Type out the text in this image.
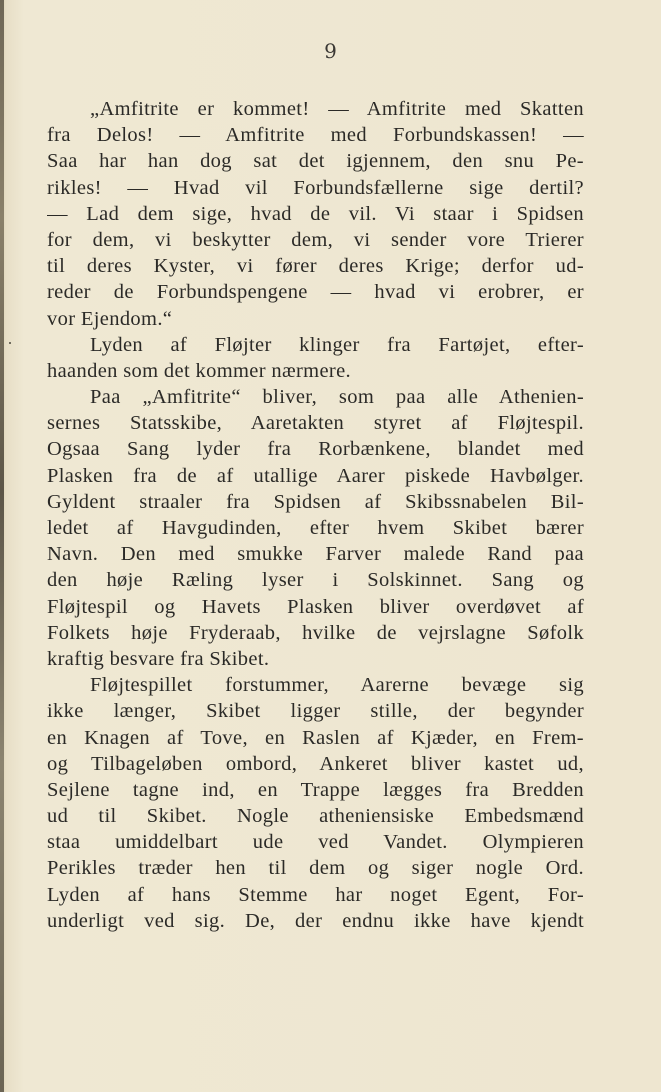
9
„Amfitrite er kommet! — Amfitrite med Skatten
fra Delos! — Amfitrite med Forbundskassen! —
Saa har han dog sat det igjennem, den snu Pe-
rikles! — Hvad vil Forbundsfællerne sige dertil?
— Lad dem sige, hvad de vil. Vi staar i Spidsen
for dem, vi beskytter dem, vi sender vore Trierer
til deres Kyster, vi fører deres Krige; derfor ud-
reder de Forbundspengene — hvad vi erobrer, er
vor Ejendom.“
Lyden af Fløjter klinger fra Fartøjet, efter-
haanden som det kommer nærmere.
Paa „Amfitrite“ bliver, som paa alle Athenien-
sernes Statsskibe, Aaretakten styret af Fløjtespil.
Ogsaa Sang lyder fra Rorbænkene, blandet med
Plasken fra de af utallige Aarer piskede Havbølger.
Gyldent straaler fra Spidsen af Skibssnabelen Bil-
ledet af Havgudinden, efter hvem Skibet bærer
Navn. Den med smukke Farver malede Rand paa
den høje Ræling lyser i Solskinnet. Sang og
Fløjtespil og Havets Plasken bliver overdøvet af
Folkets høje Fryderaab, hvilke de vejrslagne Søfolk
kraftig besvare fra Skibet.
Fløjtespillet forstummer, Aarerne bevæge sig
ikke længer, Skibet ligger stille, der begynder
en Knagen af Tove, en Raslen af Kjæder, en Frem-
og Tilbageløben ombord, Ankeret bliver kastet ud,
Sejlene tagne ind, en Trappe lægges fra Bredden
ud til Skibet. Nogle atheniensiske Embedsmænd
staa umiddelbart ude ved Vandet. Olympieren
Perikles træder hen til dem og siger nogle Ord.
Lyden af hans Stemme har noget Egent, For-
underligt ved sig. De, der endnu ikke have kjendt
